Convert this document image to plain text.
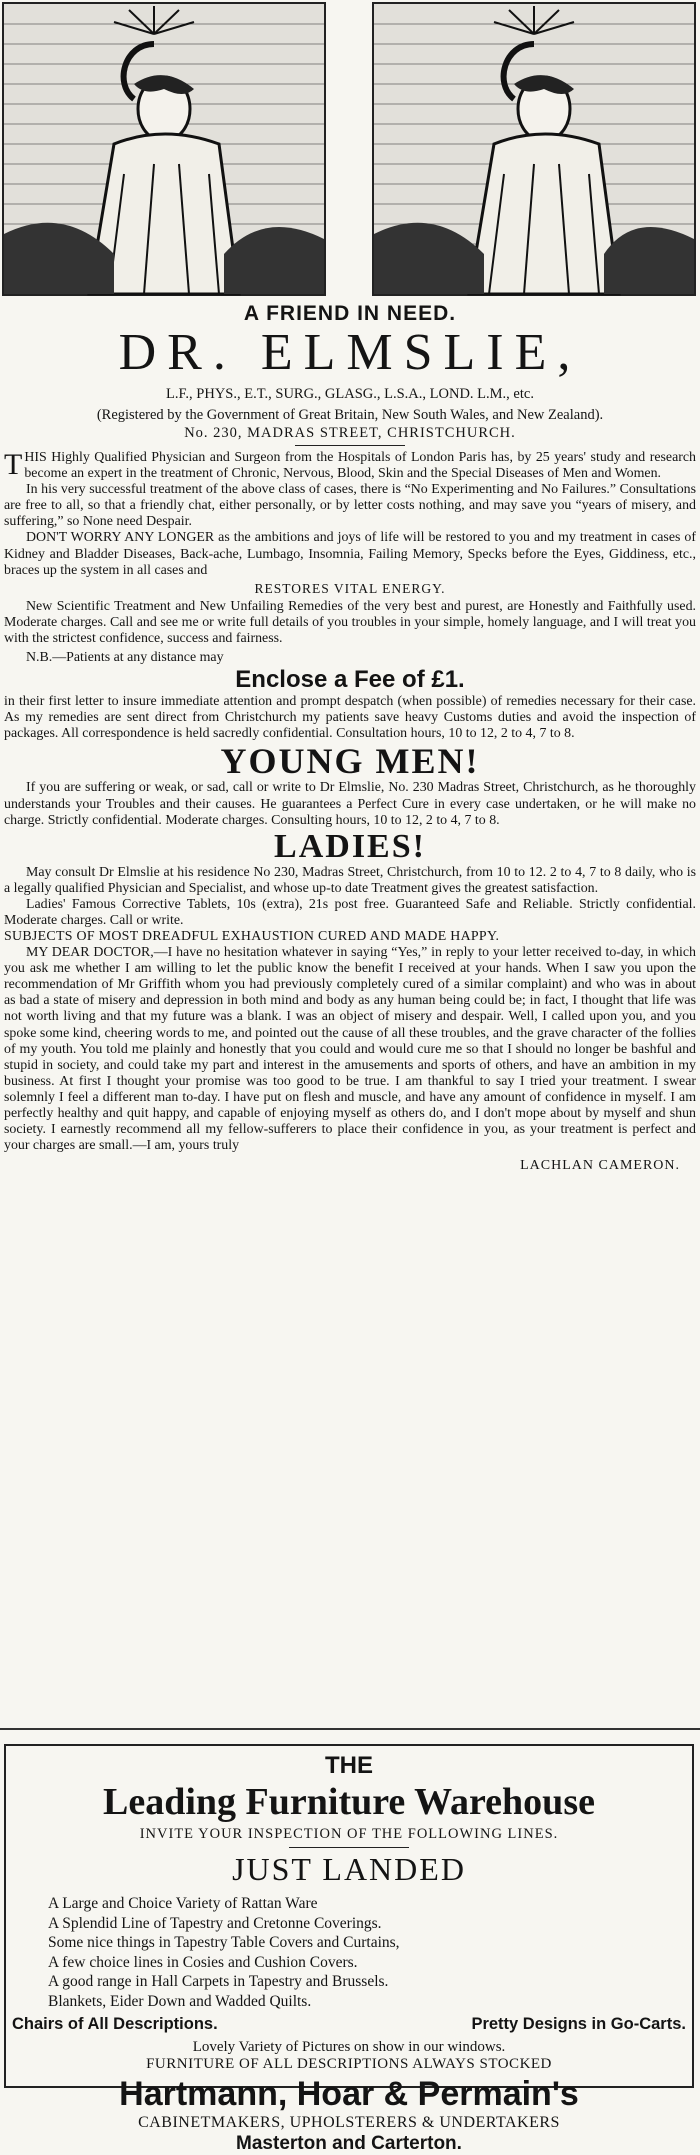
A FRIEND IN NEED.
DR. ELMSLIE,
L.F., PHYS., E.T., SURG., GLASG., L.S.A., LOND. L.M., etc.
(Registered by the Government of Great Britain, New South Wales, and New Zealand).
No. 230, MADRAS STREET, CHRISTCHURCH.

THIS Highly Qualified Physician and Surgeon from the Hospitals of London Paris has, by 25 years' study and research become an expert in the treatment of Chronic, Nervous, Blood, Skin and the Special Diseases of Men and Women.

In his very successful treatment of the above class of cases, there is “No Experimenting and No Failures.” Consultations are free to all, so that a friendly chat, either personally, or by letter costs nothing, and may save you “years of misery, and suffering,” so None need Despair.

DON'T WORRY ANY LONGER as the ambitions and joys of life will be restored to you and my treatment in cases of Kidney and Bladder Diseases, Back-ache, Lumbago, Insomnia, Failing Memory, Specks before the Eyes, Giddiness, etc., braces up the system in all cases and

RESTORES VITAL ENERGY.

New Scientific Treatment and New Unfailing Remedies of the very best and purest, are Honestly and Faithfully used. Moderate charges. Call and see me or write full details of you troubles in your simple, homely language, and I will treat you with the strictest confidence, success and fairness.

N.B.—Patients at any distance may

Enclose a Fee of £1.

in their first letter to insure immediate attention and prompt despatch (when possible) of remedies necessary for their case. As my remedies are sent direct from Christchurch my patients save heavy Customs duties and avoid the inspection of packages. All correspondence is held sacredly confidential. Consultation hours, 10 to 12, 2 to 4, 7 to 8.

YOUNG MEN!

If you are suffering or weak, or sad, call or write to Dr Elmslie, No. 230 Madras Street, Christchurch, as he thoroughly understands your Troubles and their causes. He guarantees a Perfect Cure in every case undertaken, or he will make no charge. Strictly confidential. Moderate charges. Consulting hours, 10 to 12, 2 to 4, 7 to 8.

LADIES!

May consult Dr Elmslie at his residence No 230, Madras Street, Christchurch, from 10 to 12. 2 to 4, 7 to 8 daily, who is a legally qualified Physician and Specialist, and whose up-to date Treatment gives the greatest satisfaction.

Ladies' Famous Corrective Tablets, 10s (extra), 21s post free. Guaranteed Safe and Reliable. Strictly confidential. Moderate charges. Call or write.

SUBJECTS OF MOST DREADFUL EXHAUSTION CURED AND MADE HAPPY.

MY DEAR DOCTOR,—I have no hesitation whatever in saying “Yes,” in reply to your letter received to-day, in which you ask me whether I am willing to let the public know the benefit I received at your hands. When I saw you upon the recommendation of Mr Griffith whom you had previously completely cured of a similar complaint) and who was in about as bad a state of misery and depression in both mind and body as any human being could be; in fact, I thought that life was not worth living and that my future was a blank. I was an object of misery and despair. Well, I called upon you, and you spoke some kind, cheering words to me, and pointed out the cause of all these troubles, and the grave character of the follies of my youth. You told me plainly and honestly that you could and would cure me so that I should no longer be bashful and stupid in society, and could take my part and interest in the amusements and sports of others, and have an ambition in my business. At first I thought your promise was too good to be true. I am thankful to say I tried your treatment. I swear solemnly I feel a different man to-day. I have put on flesh and muscle, and have any amount of confidence in myself. I am perfectly healthy and quit happy, and capable of enjoying myself as others do, and I don't mope about by myself and shun society. I earnestly recommend all my fellow-sufferers to place their confidence in you, as your treatment is perfect and your charges are small.—I am, yours truly

LACHLAN CAMERON.
THE
Leading Furniture Warehouse
INVITE YOUR INSPECTION OF THE FOLLOWING LINES.
JUST LANDED
A Large and Choice Variety of Rattan Ware
A Splendid Line of Tapestry and Cretonne Coverings.
Some nice things in Tapestry Table Covers and Curtains,
A few choice lines in Cosies and Cushion Covers.
A good range in Hall Carpets in Tapestry and Brussels.
Blankets, Eider Down and Wadded Quilts.
Chairs of All Descriptions.	Pretty Designs in Go-Carts.
Lovely Variety of Pictures on show in our windows.
FURNITURE OF ALL DESCRIPTIONS ALWAYS STOCKED
Hartmann, Hoar & Permain's
CABINETMAKERS, UPHOLSTERERS & UNDERTAKERS
Masterton and Carterton.
